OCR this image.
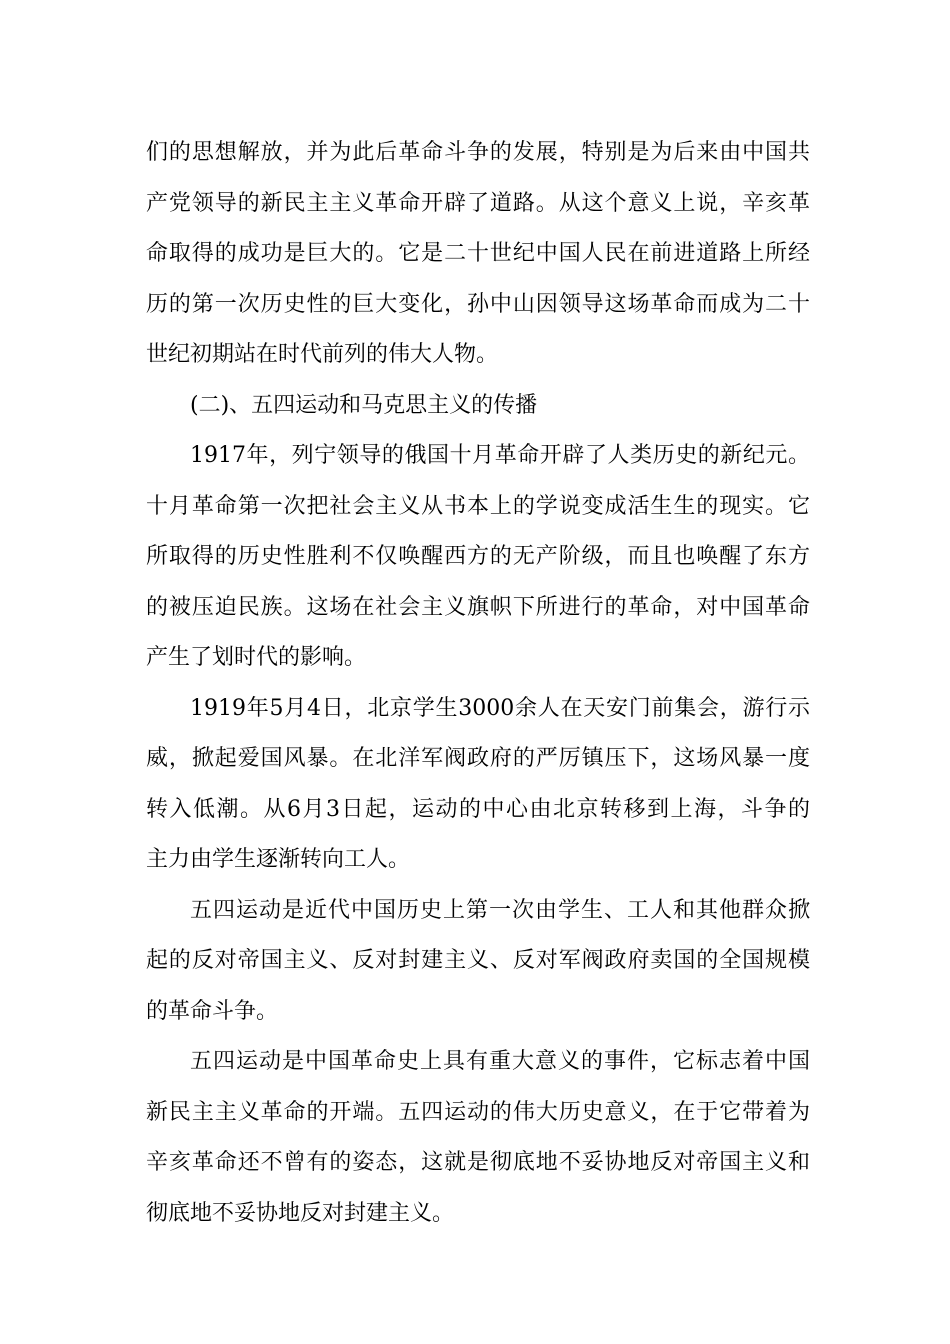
们的思想解放，并为此后革命斗争的发展，特别是为后来由中国共
产党领导的新民主主义革命开辟了道路。从这个意义上说，辛亥革
命取得的成功是巨大的。它是二十世纪中国人民在前进道路上所经
历的第一次历史性的巨大变化，孙中山因领导这场革命而成为二十
世纪初期站在时代前列的伟大人物。
(二)、五四运动和马克思主义的传播
1917年，列宁领导的俄国十月革命开辟了人类历史的新纪元。
十月革命第一次把社会主义从书本上的学说变成活生生的现实。它
所取得的历史性胜利不仅唤醒西方的无产阶级，而且也唤醒了东方
的被压迫民族。这场在社会主义旗帜下所进行的革命，对中国革命
产生了划时代的影响。
1919年5月4日，北京学生3000余人在天安门前集会，游行示
威，掀起爱国风暴。在北洋军阀政府的严厉镇压下，这场风暴一度
转入低潮。从6月3日起，运动的中心由北京转移到上海，斗争的
主力由学生逐渐转向工人。
五四运动是近代中国历史上第一次由学生、工人和其他群众掀
起的反对帝国主义、反对封建主义、反对军阀政府卖国的全国规模
的革命斗争。
五四运动是中国革命史上具有重大意义的事件，它标志着中国
新民主主义革命的开端。五四运动的伟大历史意义，在于它带着为
辛亥革命还不曾有的姿态，这就是彻底地不妥协地反对帝国主义和
彻底地不妥协地反对封建主义。
